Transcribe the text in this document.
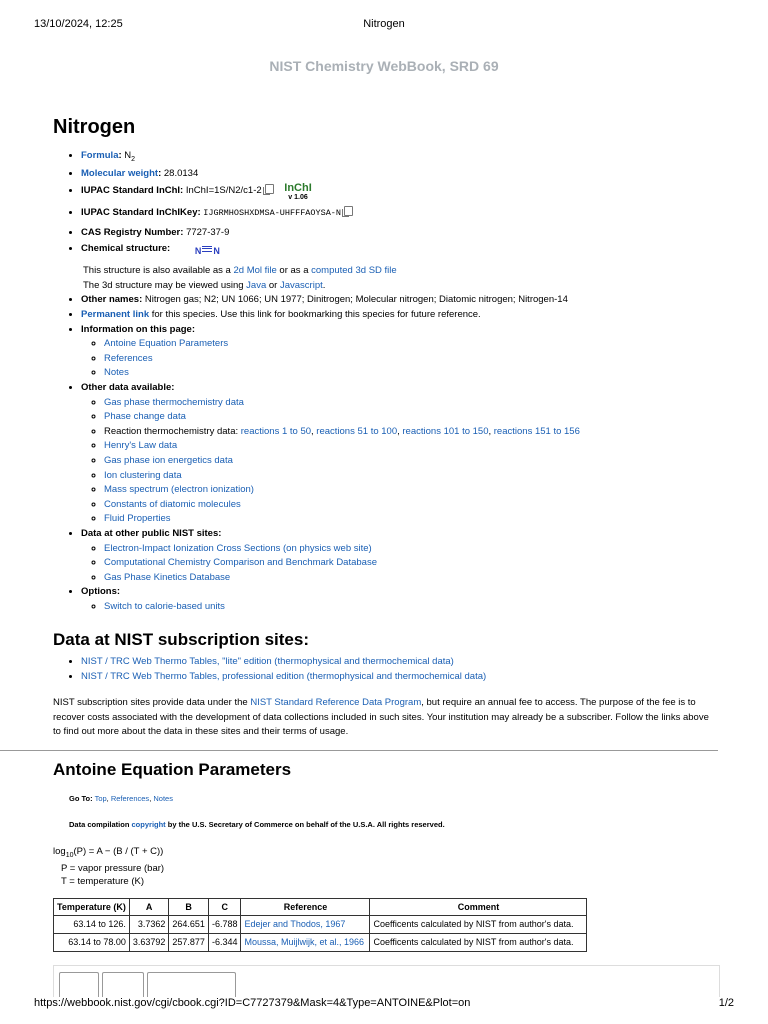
13/10/2024, 12:25	Nitrogen
NIST Chemistry WebBook, SRD 69
Nitrogen
• Formula: $N_2$
• Molecular weight: 28.0134
• IUPAC Standard InChI: InChI=1S/N2/c1-2 InChI
v 1.06
• IUPAC Standard InChIKey: IJGRMHOSHXDMSA-UHFFFAOYSA-N
• CAS Registry Number: 7727-37-9
• Chemical structure:	N N
This structure is also available as a 2d Mol file or as a computed 3d SD file
The 3d structure may be viewed using Java or Javascript.
• Other names: Nitrogen gas; N2; UN 1066; UN 1977; Dinitrogen; Molecular nitrogen; Diatomic nitrogen; Nitrogen-14
• Permanent link for this species. Use this link for bookmarking this species for future reference.
• Information on this page:
◦ Antoine Equation Parameters
◦ References
◦ Notes
• Other data available:
◦ Gas phase thermochemistry data
◦ Phase change data
◦ Reaction thermochemistry data: reactions 1 to 50, reactions 51 to 100, reactions 101 to 150, reactions 151 to 156
◦ Henry's Law data
◦ Gas phase ion energetics data
◦ Ion clustering data
◦ Mass spectrum (electron ionization)
◦ Constants of diatomic molecules
◦ Fluid Properties
• Data at other public NIST sites:
◦ Electron-Impact Ionization Cross Sections (on physics web site)
◦ Computational Chemistry Comparison and Benchmark Database
◦ Gas Phase Kinetics Database
• Options:
◦ Switch to calorie-based units
Data at NIST subscription sites:
• NIST / TRC Web Thermo Tables, "lite" edition (thermophysical and thermochemical data)
• NIST / TRC Web Thermo Tables, professional edition (thermophysical and thermochemical data)

NIST subscription sites provide data under the NIST Standard Reference Data Program, but require an annual fee to access. The purpose of the fee is to recover costs associated with the development of data collections included in such sites. Your institution may already be a subscriber. Follow the links above to find out more about the data in these sites and their terms of usage.

Antoine Equation Parameters
Go To: Top, References, Notes
Data compilation copyright by the U.S. Secretary of Commerce on behalf of the U.S.A. All rights reserved.
$\log_{10}(P) = A - (B / (T + C))$
P = vapor pressure (bar)
T = temperature (K)
Temperature (K)	A	B	C	Reference	Comment
63.14 to 126.	3.7362	264.651	-6.788	Edejer and Thodos, 1967	Coefficents calculated by NIST from author's data.
63.14 to 78.00	3.63792	257.877	-6.344	Moussa, Muijlwijk, et al., 1966	Coefficents calculated by NIST from author's data.
https://webbook.nist.gov/cgi/cbook.cgi?ID=C7727379&Mask=4&Type=ANTOINE&Plot=on	1/2
